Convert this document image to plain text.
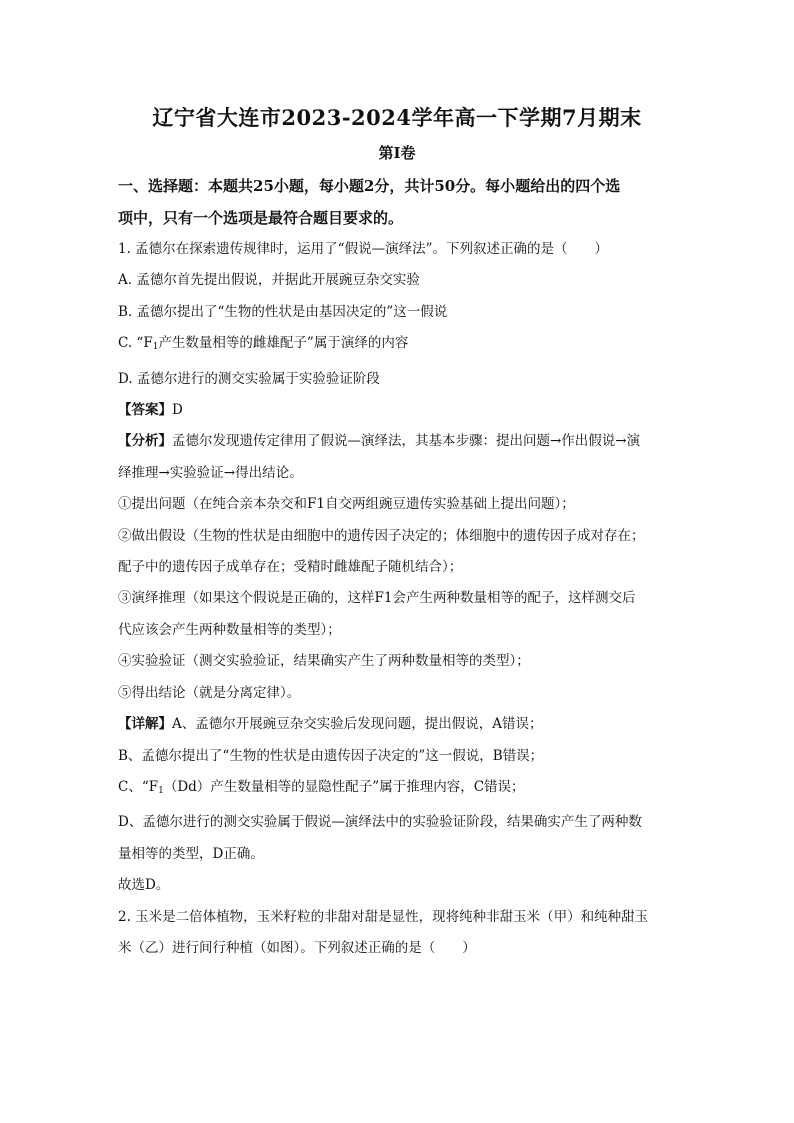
辽宁省大连市2023-2024学年高一下学期7月期末
第Ⅰ卷

一、选择题：本题共25小题，每小题2分，共计50分。每小题给出的四个选

项中，只有一个选项是最符合题目要求的。

1. 孟德尔在探索遗传规律时，运用了“假说—演绎法”。下列叙述正确的是（　　）

A. 孟德尔首先提出假说，并据此开展豌豆杂交实验

B. 孟德尔提出了“生物的性状是由基因决定的”这一假说

C. “$F_1$产生数量相等的雌雄配子”属于演绎的内容

D. 孟德尔进行的测交实验属于实验验证阶段

【答案】D

【分析】孟德尔发现遗传定律用了假说—演绎法，其基本步骤：提出问题→作出假说→演

绎推理→实验验证→得出结论。

①提出问题（在纯合亲本杂交和F1自交两组豌豆遗传实验基础上提出问题）；

②做出假设（生物的性状是由细胞中的遗传因子决定的；体细胞中的遗传因子成对存在；

配子中的遗传因子成单存在；受精时雌雄配子随机结合）；

③演绎推理（如果这个假说是正确的，这样F1会产生两种数量相等的配子，这样测交后

代应该会产生两种数量相等的类型）；

④实验验证（测交实验验证，结果确实产生了两种数量相等的类型）；

⑤得出结论（就是分离定律）。

【详解】A、孟德尔开展豌豆杂交实验后发现问题，提出假说，A错误；

B、孟德尔提出了“生物的性状是由遗传因子决定的”这一假说，B错误；

C、“$F_1(Dd)$产生数量相等的显隐性配子”属于推理内容，C错误；

D、孟德尔进行的测交实验属于假说—演绎法中的实验验证阶段，结果确实产生了两种数

量相等的类型，D正确。

故选D。

2. 玉米是二倍体植物，玉米籽粒的非甜对甜是显性，现将纯种非甜玉米（甲）和纯种甜玉

米（乙）进行间行种植（如图）。下列叙述正确的是（　　）
